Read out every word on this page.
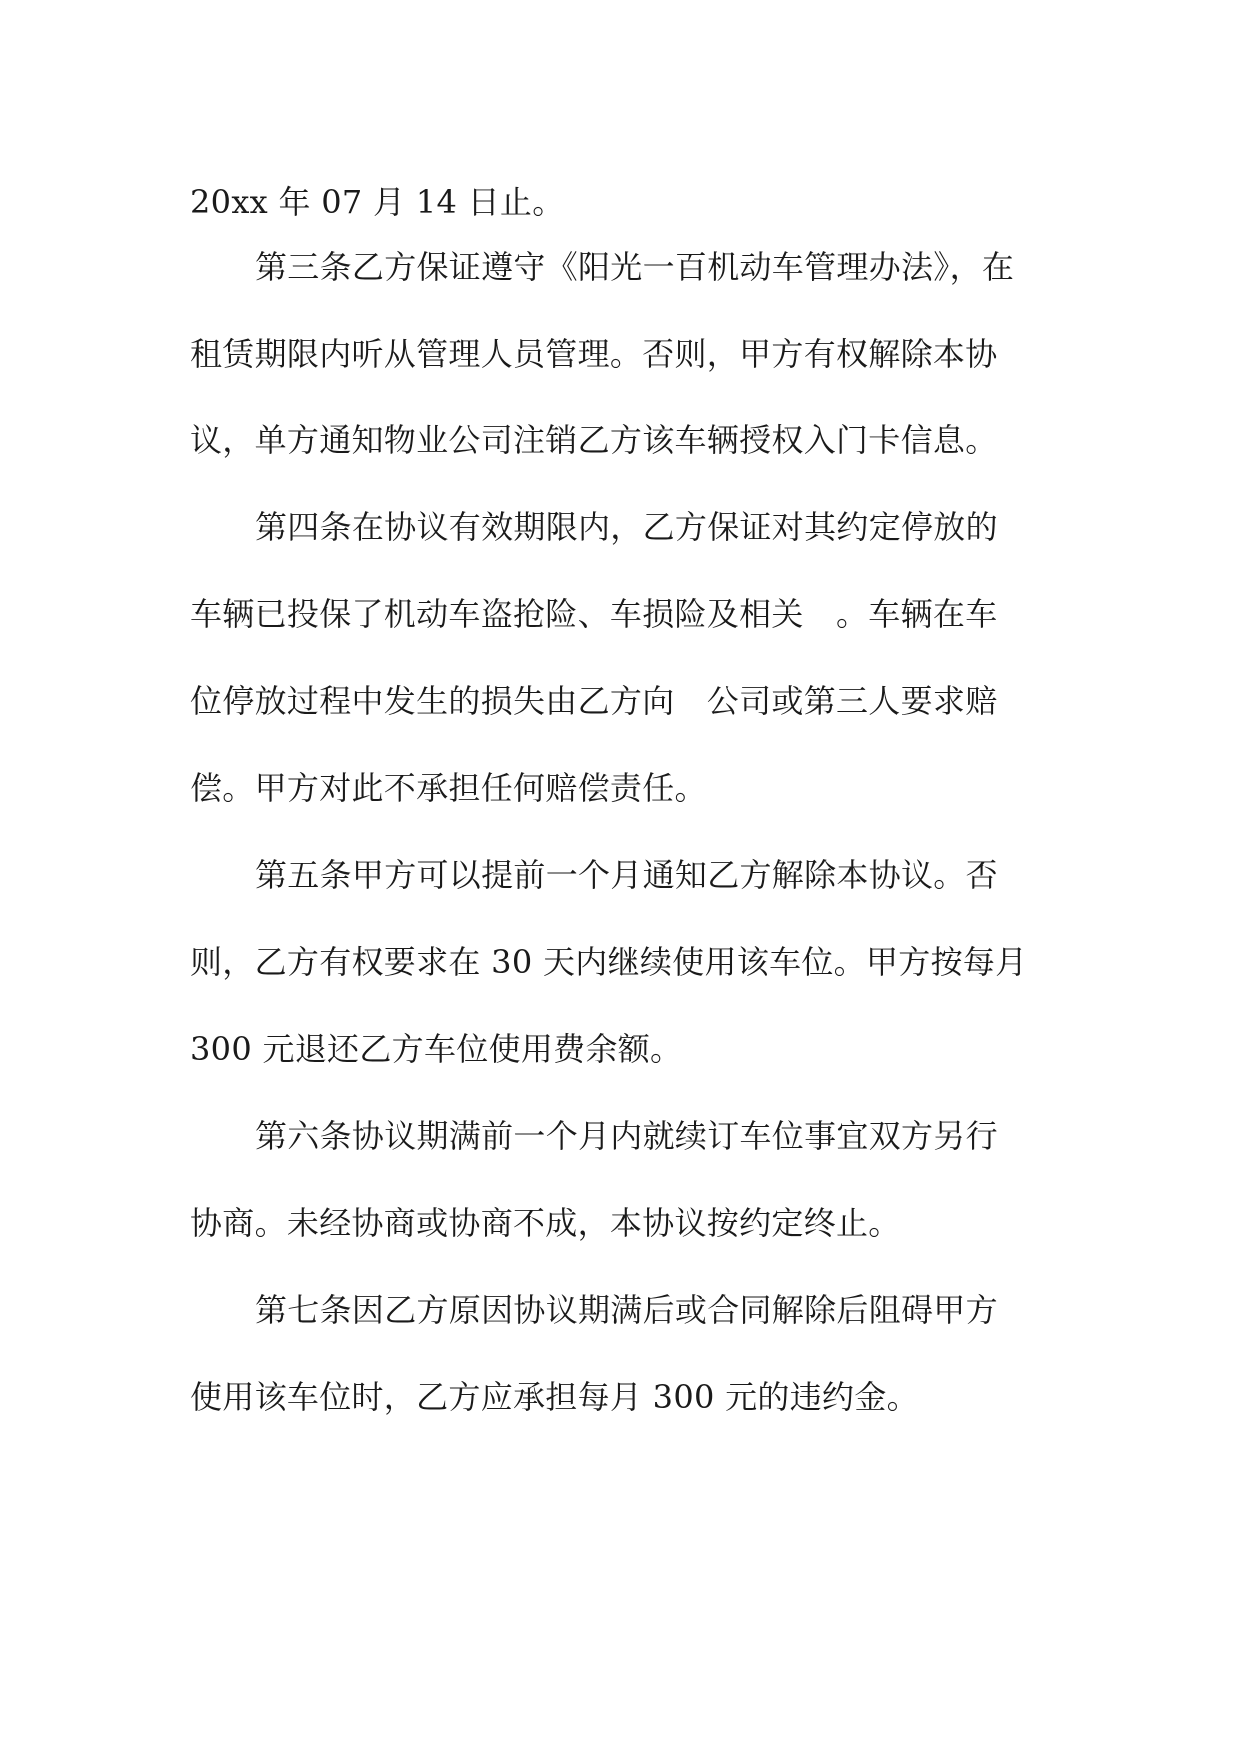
20xx 年 07 月 14 日止。

第三条乙方保证遵守《阳光一百机动车管理办法》，在

租赁期限内听从管理人员管理。否则，甲方有权解除本协

议，单方通知物业公司注销乙方该车辆授权入门卡信息。

第四条在协议有效期限内，乙方保证对其约定停放的

车辆已投保了机动车盗抢险、车损险及相关　。车辆在车

位停放过程中发生的损失由乙方向　公司或第三人要求赔

偿。甲方对此不承担任何赔偿责任。

第五条甲方可以提前一个月通知乙方解除本协议。否

则，乙方有权要求在 30 天内继续使用该车位。甲方按每月

300 元退还乙方车位使用费余额。

第六条协议期满前一个月内就续订车位事宜双方另行

协商。未经协商或协商不成，本协议按约定终止。

第七条因乙方原因协议期满后或合同解除后阻碍甲方

使用该车位时，乙方应承担每月 300 元的违约金。
